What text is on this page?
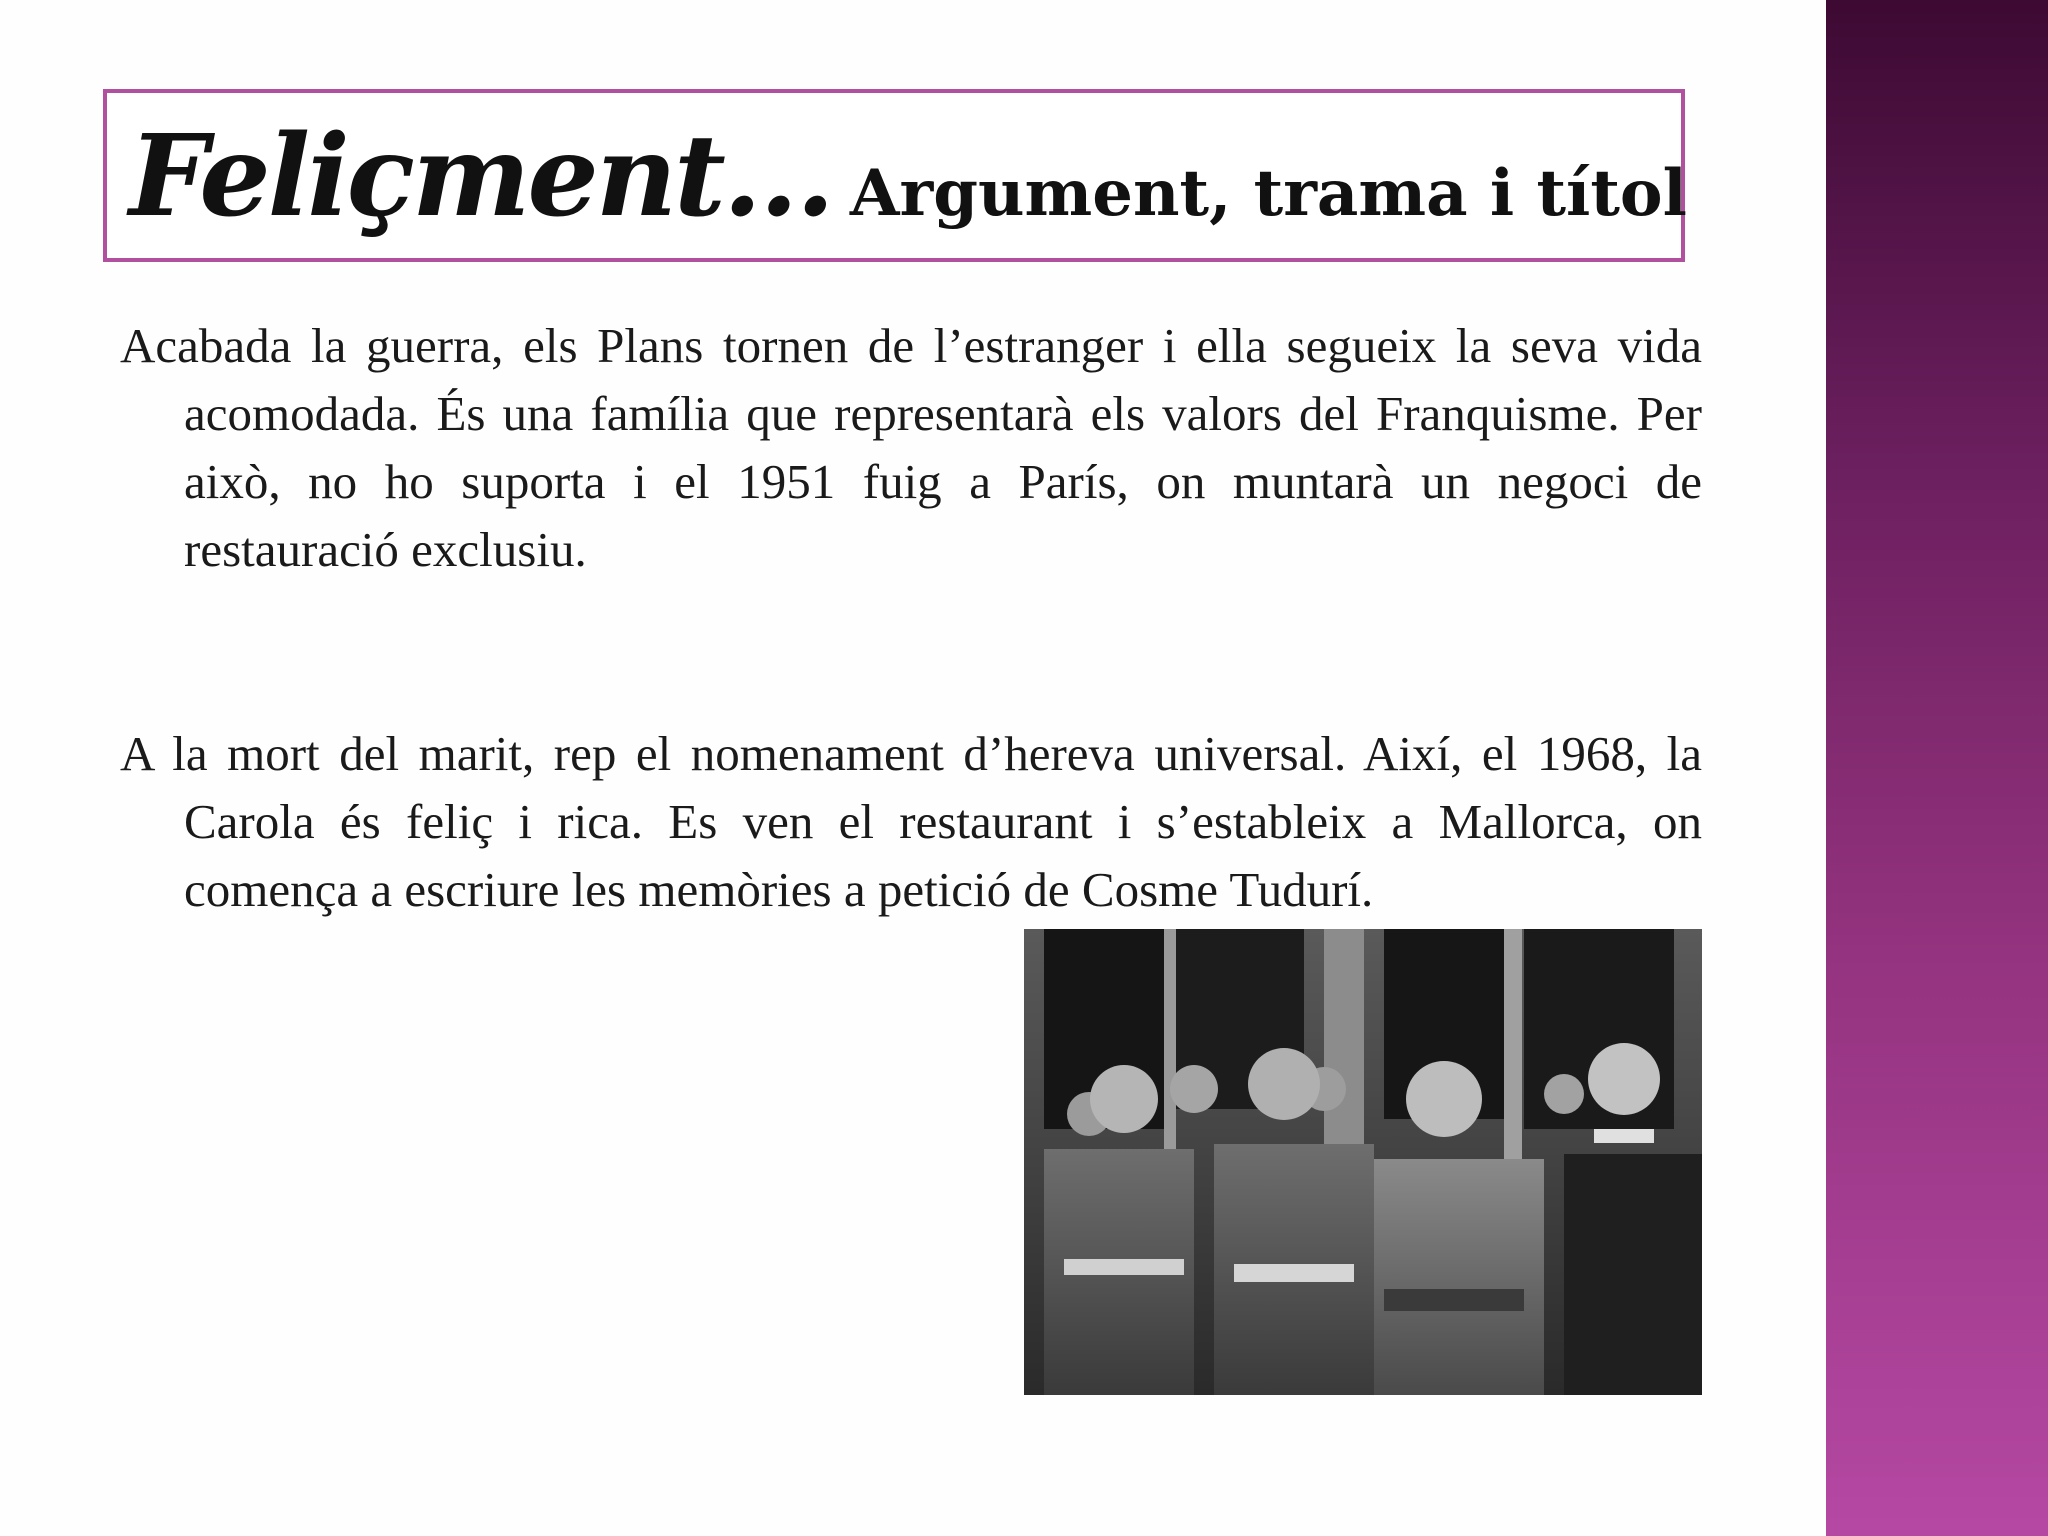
Feliçment… Argument, trama i títol

Acabada la guerra, els Plans tornen de l’estranger i ella segueix la seva vida acomodada. És una família que representarà els valors del Franquisme. Per això, no ho suporta i el 1951 fuig a París, on muntarà un negoci de restauració exclusiu.

A la mort del marit, rep el nomenament d’hereva universal. Així, el 1968, la Carola és feliç i rica. Es ven el restaurant i s’estableix a Mallorca, on comença a escriure les memòries a petició de Cosme Tudurí.
